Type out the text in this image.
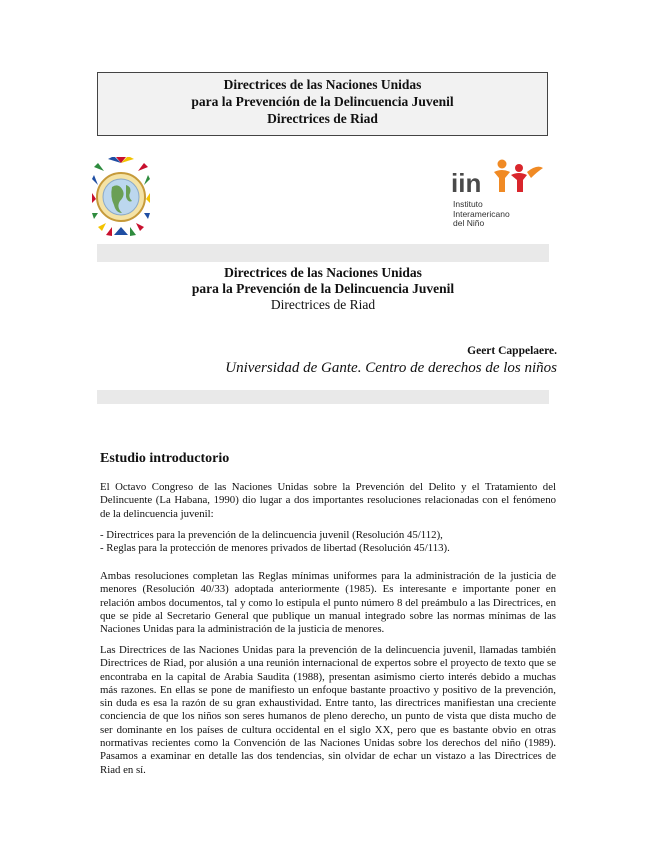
Directrices de las Naciones Unidas
para la Prevención de la Delincuencia Juvenil
Directrices de Riad
iin
Instituto
Interamericano
del Niño
Directrices de las Naciones Unidas
para la Prevención de la Delincuencia Juvenil
Directrices de Riad
Geert Cappelaere.
Universidad de Gante. Centro de derechos de los niños
Estudio introductorio
El Octavo Congreso de las Naciones Unidas sobre la Prevención del Delito y el Tratamiento del Delincuente (La Habana, 1990) dio lugar a dos importantes resoluciones relacionadas con el fenómeno de la delincuencia juvenil:
- Directrices para la prevención de la delincuencia juvenil (Resolución 45/112),
- Reglas para la protección de menores privados de libertad (Resolución 45/113).
Ambas resoluciones completan las Reglas mínimas uniformes para la administración de la justicia de menores (Resolución 40/33) adoptada anteriormente (1985). Es interesante e importante poner en relación ambos documentos, tal y como lo estipula el punto número 8 del preámbulo a las Directrices, en que se pide al Secretario General que publique un manual integrado sobre las normas mínimas de las Naciones Unidas para la administración de la justicia de menores.
Las Directrices de las Naciones Unidas para la prevención de la delincuencia juvenil, llamadas también Directrices de Riad, por alusión a una reunión internacional de expertos sobre el proyecto de texto que se encontraba en la capital de Arabia Saudita (1988), presentan asimismo cierto interés debido a muchas más razones. En ellas se pone de manifiesto un enfoque bastante proactivo y positivo de la prevención, sin duda es esa la razón de su gran exhaustividad. Entre tanto, las directrices manifiestan una creciente conciencia de que los niños son seres humanos de pleno derecho, un punto de vista que dista mucho de ser dominante en los países de cultura occidental en el siglo XX, pero que es bastante obvio en otras normativas recientes como la Convención de las Naciones Unidas sobre los derechos del niño (1989). Pasamos a examinar en detalle las dos tendencias, sin olvidar de echar un vistazo a las Directrices de Riad en sí.
